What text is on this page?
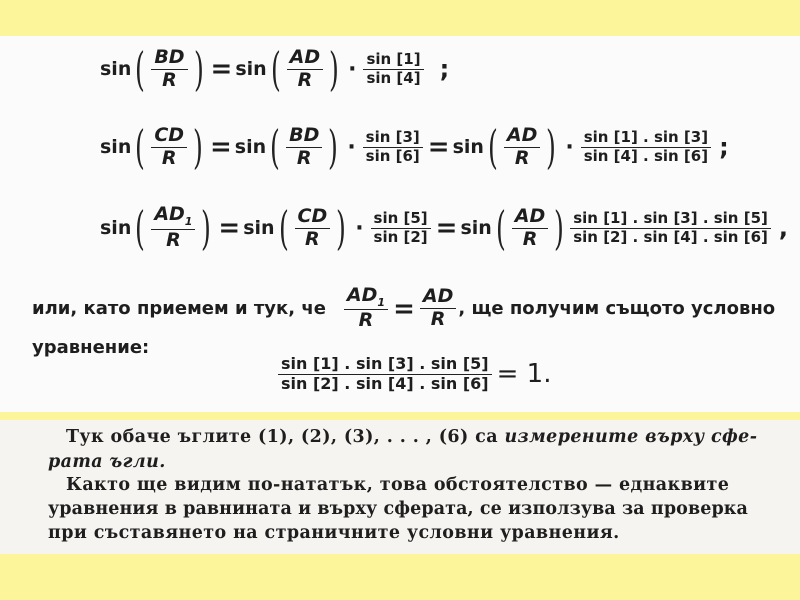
sin ( $\frac{BD}{R}$ ) = sin ( $\frac{AD}{R}$ ) · $\frac{\sin [1]}{\sin [4]}$ ;
sin ( $\frac{CD}{R}$ ) = sin ( $\frac{BD}{R}$ ) · $\frac{\sin [3]}{\sin [6]} = \sin$ ( $\frac{AD}{R}$ ) · $\frac{\sin [1] . \sin [3]}{\sin [4] . \sin [6]}$ ;
sin ( $\frac{AD_1}{R}$ ) = sin ( $\frac{CD}{R}$ ) · $\frac{\sin [5]}{\sin [2]} = \sin$ ( $\frac{AD}{R}$ ) $\frac{\sin [1] . \sin [3] . \sin [5]}{\sin [2] . \sin [4] . \sin [6]}$ ,
или, като приемем и тук, че $\frac{AD_1}{R} = \frac{AD}{R}$ , ще получим същото условно
уравнение:
$\frac{\sin [1] . \sin [3] . \sin [5]}{\sin [2] . \sin [4] . \sin [6]} = 1$.
Тук обаче ъглите (1), (2), (3), . . . , (6) са измерените върху сфе-
рата ъгли.
Както ще видим по-нататък, това обстоятелство — еднаквите
уравнения в равнината и върху сферата, се използува за проверка
при съставянето на страничните условни уравнения.
